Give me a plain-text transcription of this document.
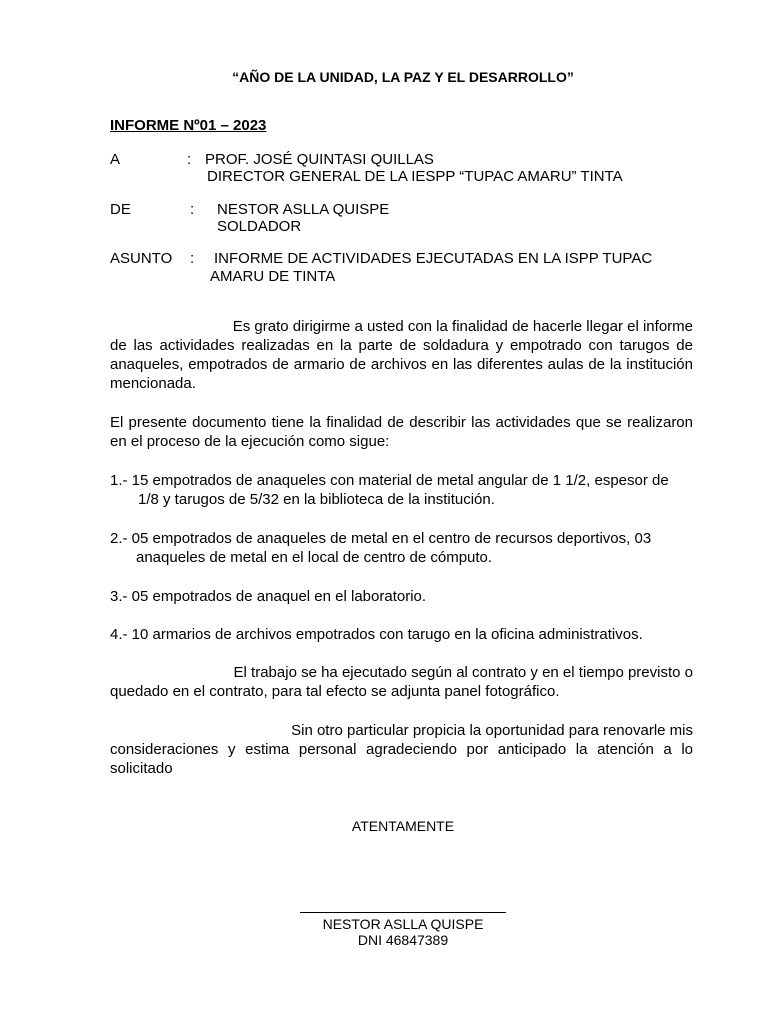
“AÑO DE LA UNIDAD, LA PAZ Y EL DESARROLLO”
INFORME Nº01 – 2023
A	: PROF. JOSÉ QUINTASI QUILLAS
DIRECTOR GENERAL DE LA IESPP “TUPAC AMARU” TINTA
DE	: NESTOR ASLLA QUISPE
SOLDADOR
ASUNTO : INFORME DE ACTIVIDADES EJECUTADAS EN LA ISPP TUPAC
AMARU DE TINTA
Es grato dirigirme a usted con la finalidad de hacerle llegar el informe
de las actividades realizadas en la parte de soldadura y empotrado con tarugos de anaqueles, empotrados de armario de archivos en las diferentes aulas de la institución mencionada.
El presente documento tiene la finalidad de describir las actividades que se realizaron en el proceso de la ejecución como sigue:
1.- 15 empotrados de anaqueles con material de metal angular de 1 1/2, espesor de
1/8 y tarugos de 5/32 en la biblioteca de la institución.
2.- 05 empotrados de anaqueles de metal en el centro de recursos deportivos, 03
anaqueles de metal en el local de centro de cómputo.
3.- 05 empotrados de anaquel en el laboratorio.
4.- 10 armarios de archivos empotrados con tarugo en la oficina administrativos.
El trabajo se ha ejecutado según al contrato y en el tiempo previsto o
quedado en el contrato, para tal efecto se adjunta panel fotográfico.
Sin otro particular propicia la oportunidad para renovarle mis
consideraciones y estima personal agradeciendo por anticipado la atención a lo solicitado
ATENTAMENTE
NESTOR ASLLA QUISPE
DNI 46847389
